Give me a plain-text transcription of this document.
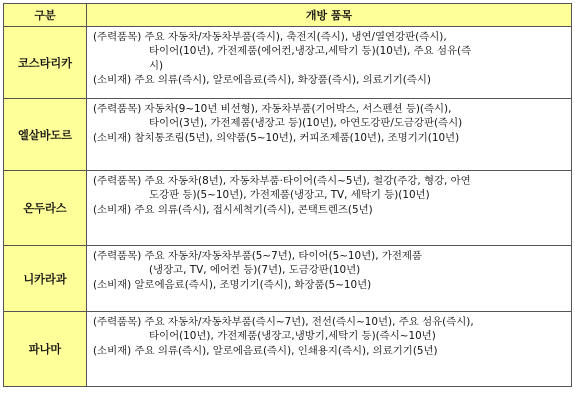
구분	개방 품목
코스타리카	(주력품목) 주요 자동차/자동차부품(즉시), 축전지(즉시), 냉연/열연강판(즉시),
타이어(10년), 가전제품(에어컨,냉장고,세탁기 등)(10년), 주요 섬유(즉
시)
(소비재) 주요 의류(즉시), 알로에음료(즉시), 화장품(즉시), 의료기기(즉시)

엘살바도르	(주력품목) 자동차(9~10년 비선형), 자동차부품(기어박스, 서스펜션 등)(즉시),
타이어(3년), 가전제품(냉장고 등)(10년), 아연도강판/도금강판(즉시)
(소비재) 참치통조림(5년), 의약품(5~10년), 커피조제품(10년), 조명기기(10년)

온두라스	(주력품목) 주요 자동차(8년), 자동차부품·타이어(즉시~5년), 철강(주강, 형강, 아연
도강판 등)(5~10년), 가전제품(냉장고, TV, 세탁기 등)(10년)
(소비재) 주요 의류(즉시), 접시세척기(즉시), 콘택트렌즈(5년)

니카라과	(주력품목) 주요 자동차/자동차부품(5~7년), 타이어(5~10년), 가전제품
(냉장고, TV, 에어컨 등)(7년), 도금강판(10년)
(소비재) 알로에음료(즉시), 조명기기(즉시), 화장품(5~10년)

파나마	(주력품목) 주요 자동차/자동차부품(즉시~7년), 전선(즉시~10년), 주요 섬유(즉시),
타이어(10년), 가전제품(냉장고,냉방기,세탁기 등)(즉시~10년)
(소비재) 주요 의류(즉시), 알로에음료(즉시), 인쇄용지(즉시), 의료기기(5년)
